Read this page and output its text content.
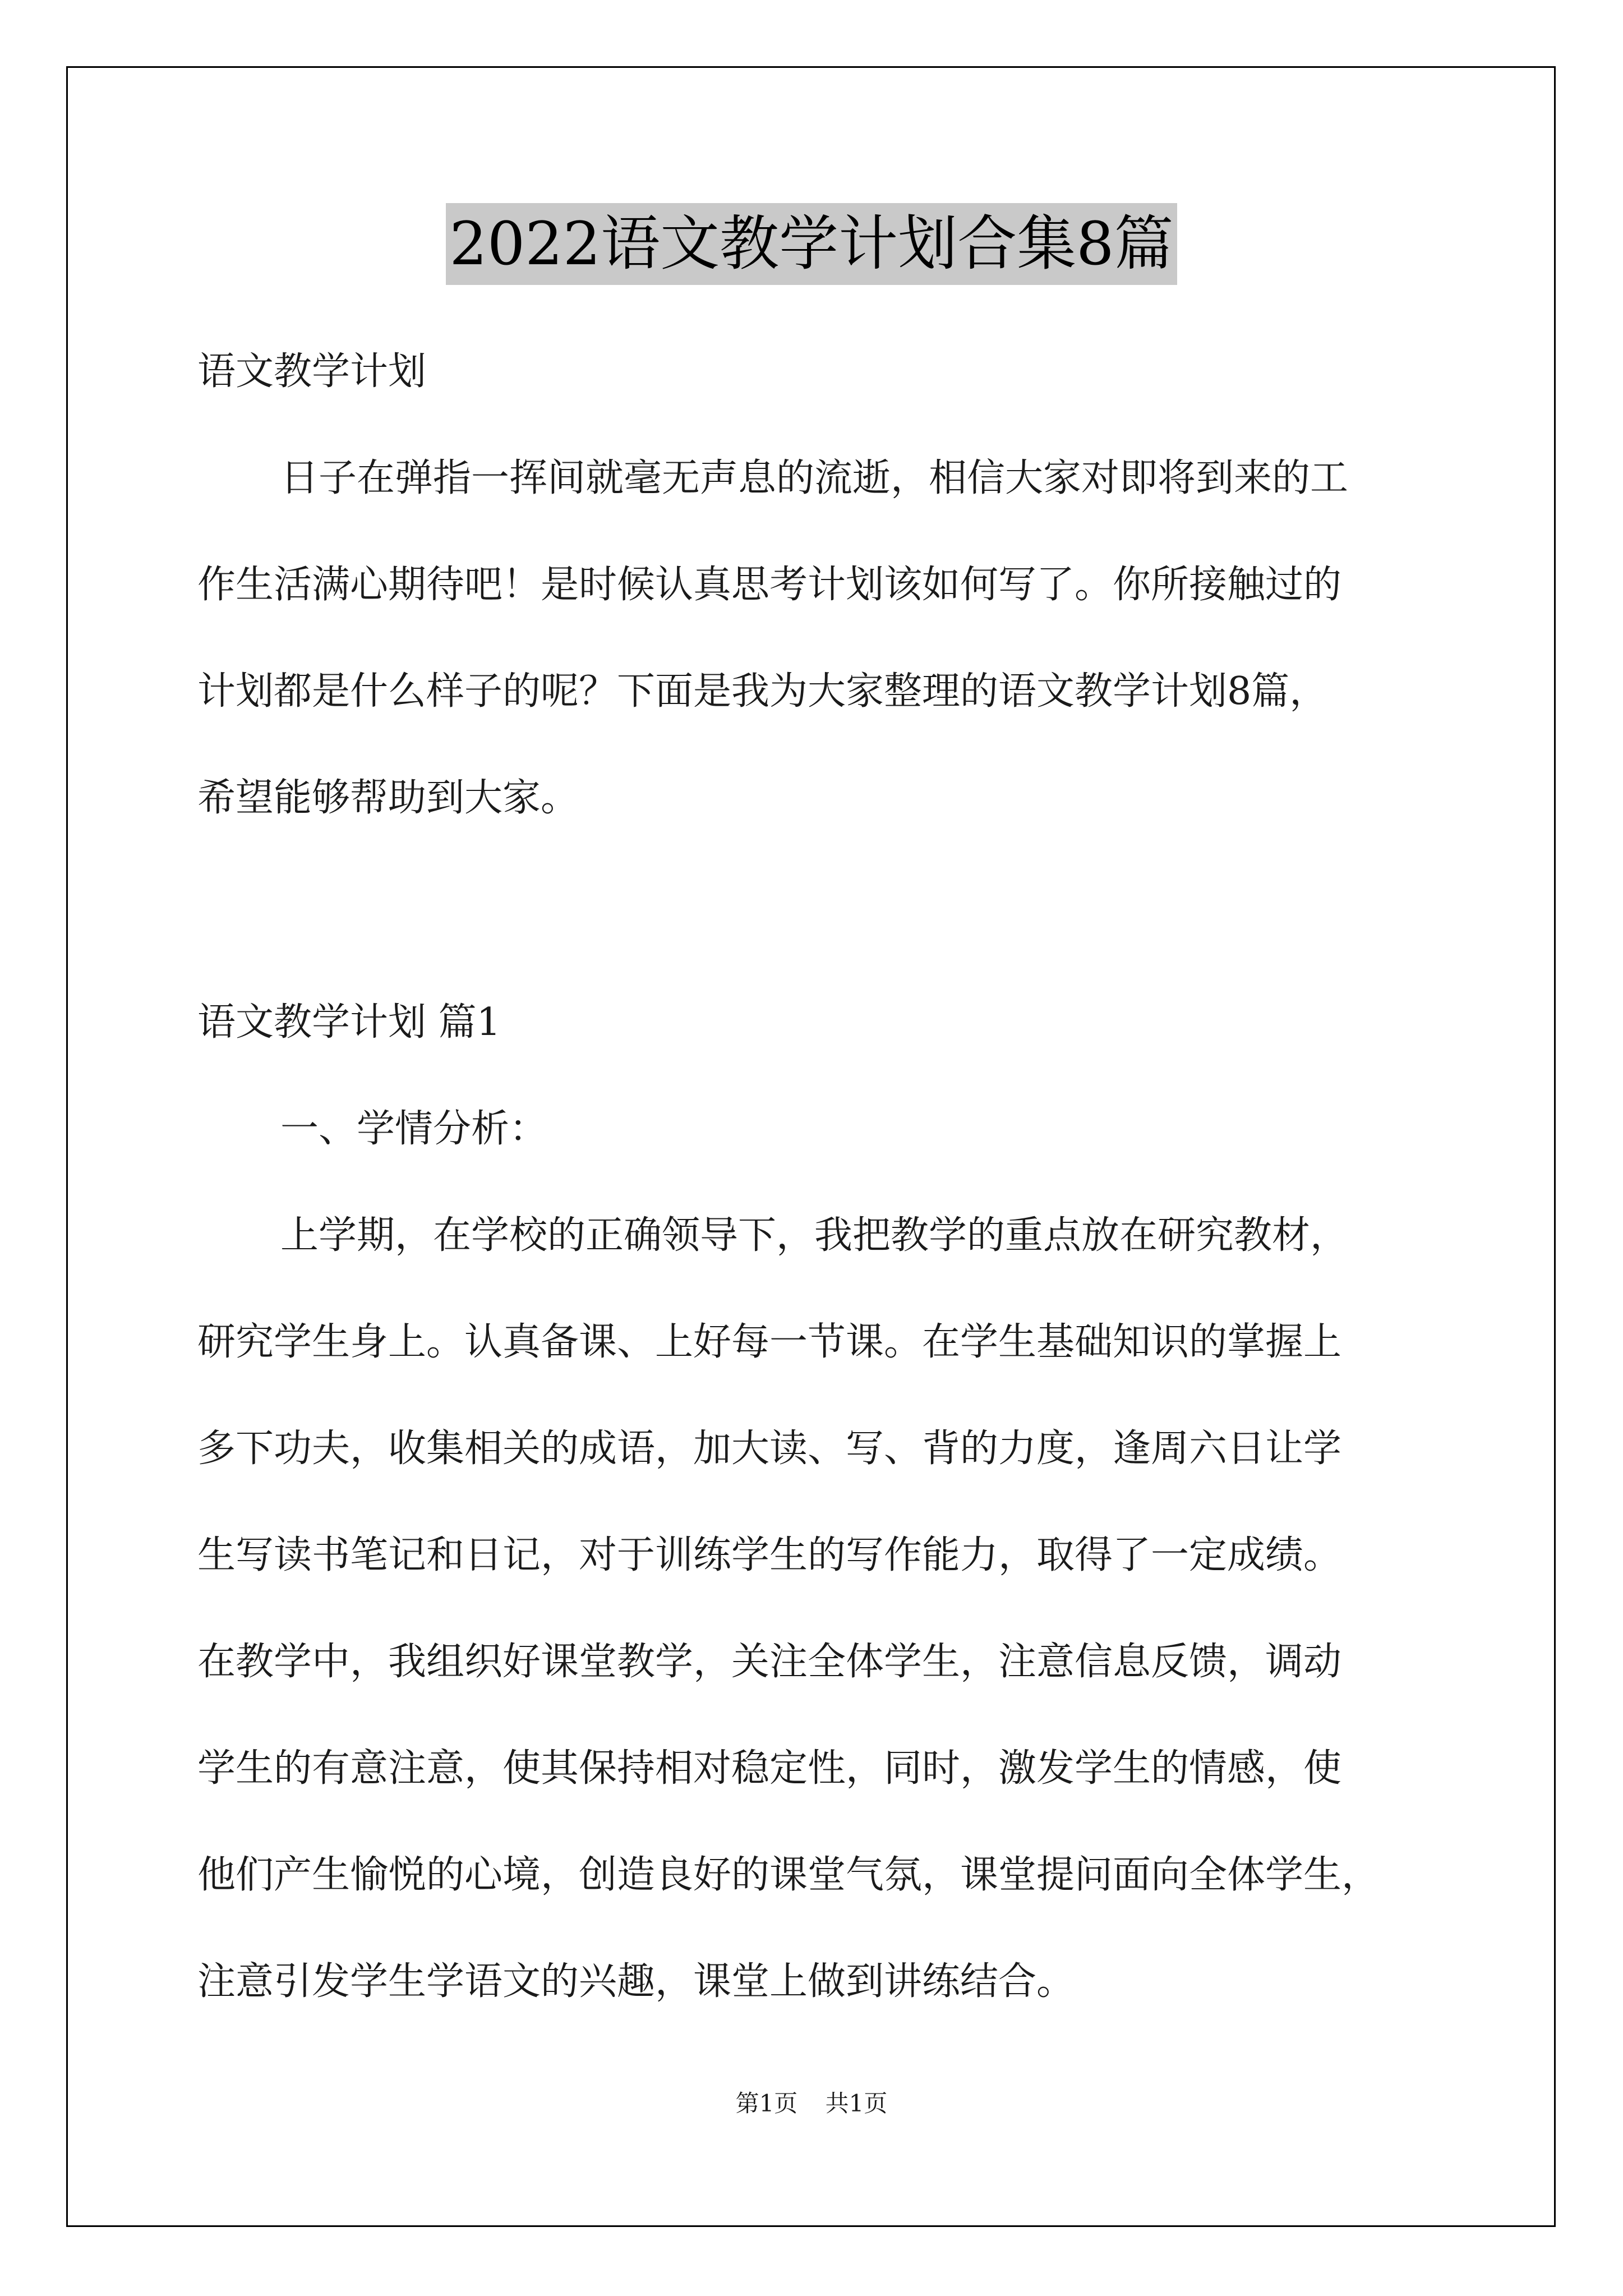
2022语文教学计划合集8篇
语文教学计划
日子在弹指一挥间就毫无声息的流逝，相信大家对即将到来的工
作生活满心期待吧！是时候认真思考计划该如何写了。你所接触过的
计划都是什么样子的呢？下面是我为大家整理的语文教学计划8篇，
希望能够帮助到大家。
语文教学计划 篇1
一、学情分析：
上学期，在学校的正确领导下，我把教学的重点放在研究教材，
研究学生身上。认真备课、上好每一节课。在学生基础知识的掌握上
多下功夫，收集相关的成语，加大读、写、背的力度，逢周六日让学
生写读书笔记和日记，对于训练学生的写作能力，取得了一定成绩。
在教学中，我组织好课堂教学，关注全体学生，注意信息反馈，调动
学生的有意注意，使其保持相对稳定性，同时，激发学生的情感，使
他们产生愉悦的心境，创造良好的课堂气氛，课堂提问面向全体学生，
注意引发学生学语文的兴趣，课堂上做到讲练结合。
第1页 共1页
